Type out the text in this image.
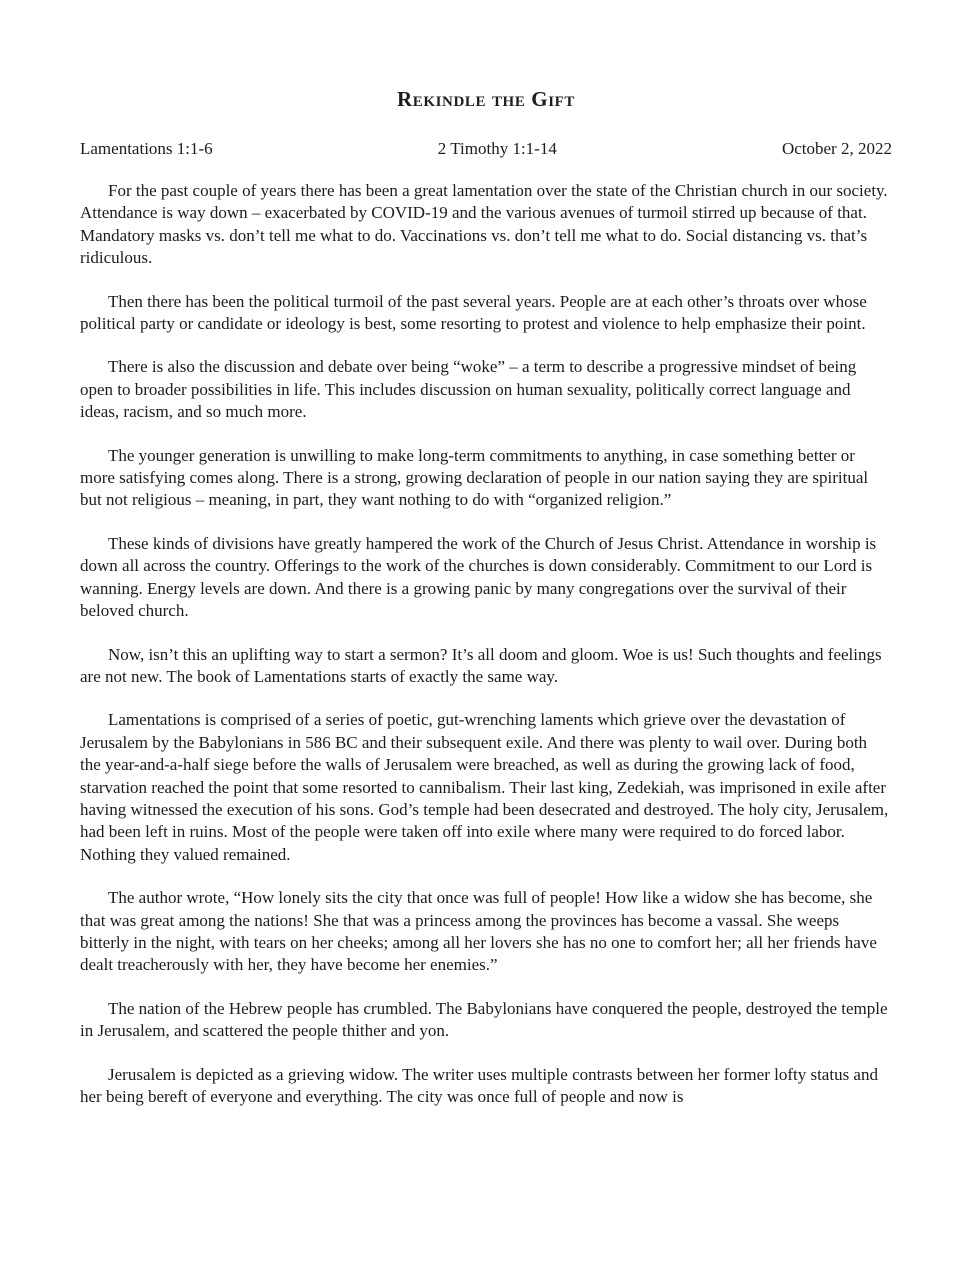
Rekindle the Gift
Lamentations 1:1-6	2 Timothy 1:1-14	October 2, 2022

For the past couple of years there has been a great lamentation over the state of the Christian church in our society. Attendance is way down – exacerbated by COVID-19 and the various avenues of turmoil stirred up because of that. Mandatory masks vs. don’t tell me what to do. Vaccinations vs. don’t tell me what to do. Social distancing vs. that’s ridiculous.

Then there has been the political turmoil of the past several years. People are at each other’s throats over whose political party or candidate or ideology is best, some resorting to protest and violence to help emphasize their point.

There is also the discussion and debate over being “woke” – a term to describe a progressive mindset of being open to broader possibilities in life. This includes discussion on human sexuality, politically correct language and ideas, racism, and so much more.

The younger generation is unwilling to make long-term commitments to anything, in case something better or more satisfying comes along. There is a strong, growing declaration of people in our nation saying they are spiritual but not religious – meaning, in part, they want nothing to do with “organized religion.”

These kinds of divisions have greatly hampered the work of the Church of Jesus Christ. Attendance in worship is down all across the country. Offerings to the work of the churches is down considerably. Commitment to our Lord is wanning. Energy levels are down. And there is a growing panic by many congregations over the survival of their beloved church.

Now, isn’t this an uplifting way to start a sermon? It’s all doom and gloom. Woe is us! Such thoughts and feelings are not new. The book of Lamentations starts of exactly the same way.

Lamentations is comprised of a series of poetic, gut-wrenching laments which grieve over the devastation of Jerusalem by the Babylonians in 586 BC and their subsequent exile. And there was plenty to wail over. During both the year-and-a-half siege before the walls of Jerusalem were breached, as well as during the growing lack of food, starvation reached the point that some resorted to cannibalism. Their last king, Zedekiah, was imprisoned in exile after having witnessed the execution of his sons. God’s temple had been desecrated and destroyed. The holy city, Jerusalem, had been left in ruins. Most of the people were taken off into exile where many were required to do forced labor. Nothing they valued remained.

The author wrote, “How lonely sits the city that once was full of people! How like a widow she has become, she that was great among the nations! She that was a princess among the provinces has become a vassal. She weeps bitterly in the night, with tears on her cheeks; among all her lovers she has no one to comfort her; all her friends have dealt treacherously with her, they have become her enemies.”

The nation of the Hebrew people has crumbled. The Babylonians have conquered the people, destroyed the temple in Jerusalem, and scattered the people thither and yon.

Jerusalem is depicted as a grieving widow. The writer uses multiple contrasts between her former lofty status and her being bereft of everyone and everything. The city was once full of people and now is
